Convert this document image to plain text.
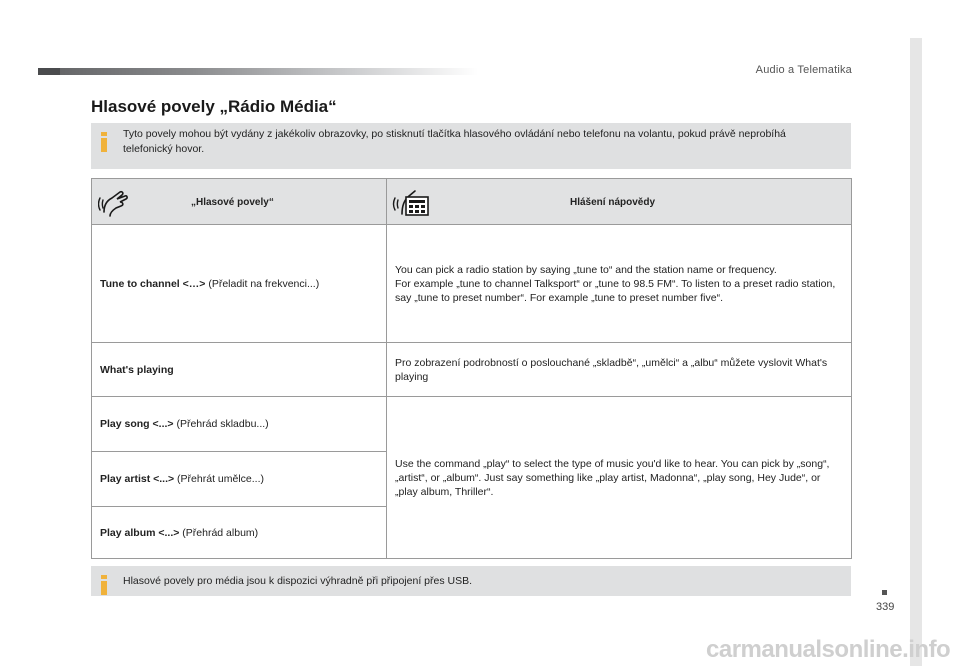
Audio a Telematika
Hlasové povely „Rádio Média“
Tyto povely mohou být vydány z jakékoliv obrazovky, po stisknutí tlačítka hlasového ovládání nebo telefonu na volantu, pokud právě neprobíhá telefonický hovor.
„Hlasové povely“	Hlášení nápovědy
Tune to channel <…> (Přeladit na frekvenci...)
You can pick a radio station by saying „tune to“ and the station name or frequency.
For example „tune to channel Talksport“ or „tune to 98.5 FM“. To listen to a preset radio station, say „tune to preset number“. For example „tune to preset number five“.
What's playing
Pro zobrazení podrobností o poslouchané „skladbě“, „umělci“ a „albu“ můžete vyslovit What's playing
Play song <...> (Přehrád skladbu...)
Play artist <...> (Přehrát umělce...)
Play album <...> (Přehrád album)
Use the command „play“ to select the type of music you'd like to hear. You can pick by „song“, „artist“, or „album“. Just say something like „play artist, Madonna“, „play song, Hey Jude“, or „play album, Thriller“.
Hlasové povely pro média jsou k dispozici výhradně při připojení přes USB.
339
carmanualsonline.info
